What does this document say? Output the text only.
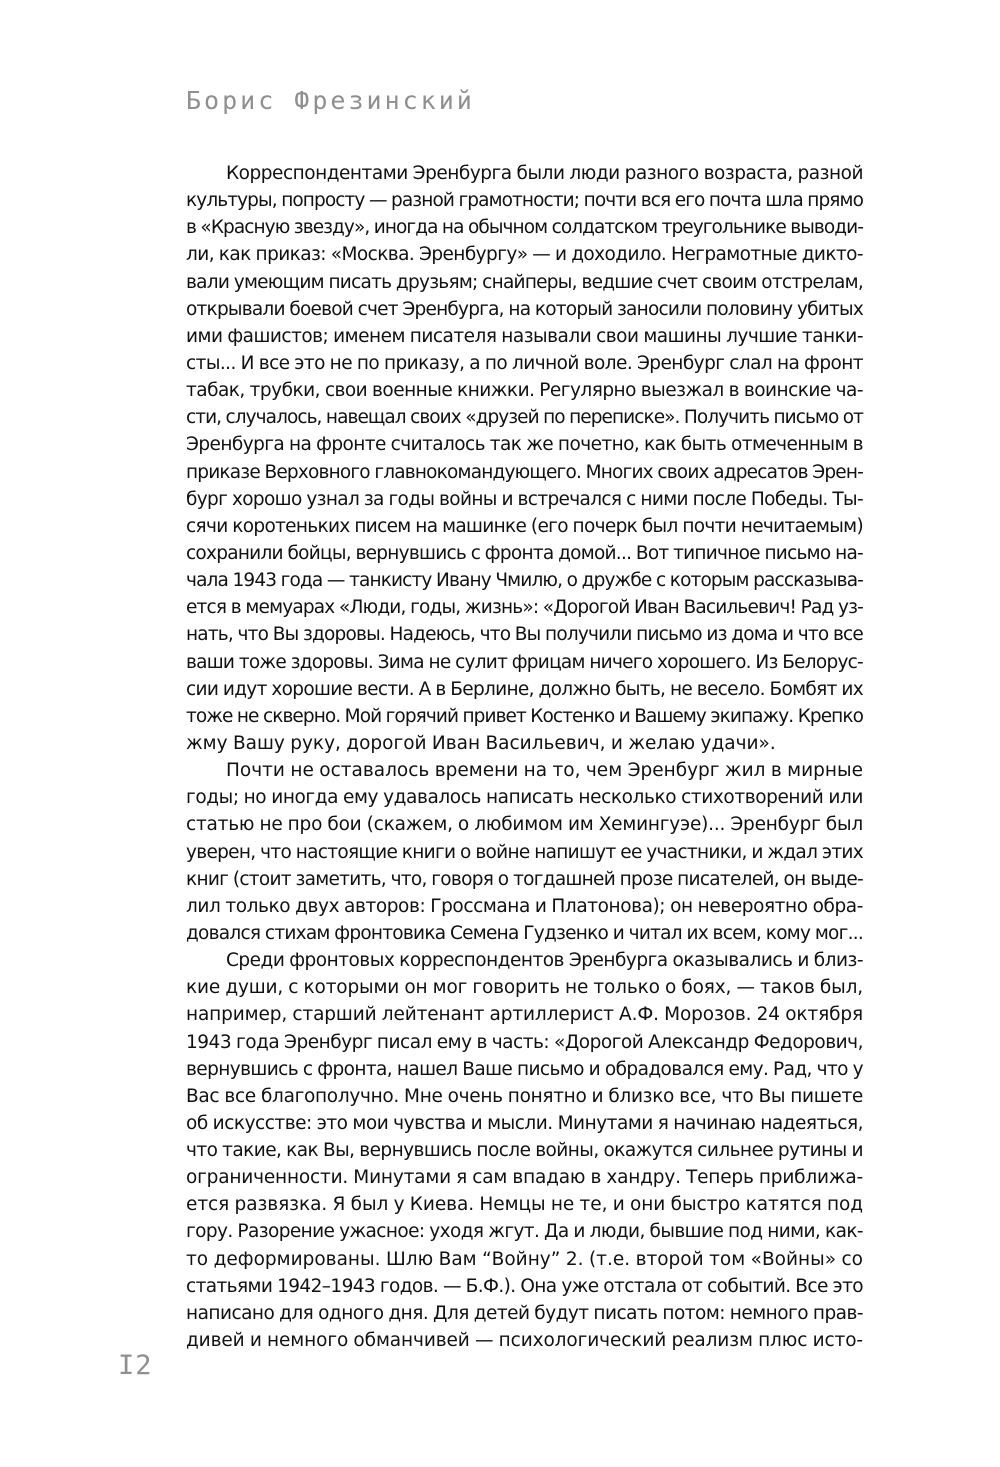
Борис Фрезинский

Корреспондентами Эренбурга были люди разного возраста, разной
культуры, попросту — разной грамотности; почти вся его почта шла прямо
в «Красную звезду», иногда на обычном солдатском треугольнике выводи-
ли, как приказ: «Москва. Эренбургу» — и доходило. Неграмотные дикто-
вали умеющим писать друзьям; снайперы, ведшие счет своим отстрелам,
открывали боевой счет Эренбурга, на который заносили половину убитых
ими фашистов; именем писателя называли свои машины лучшие танки-
сты... И все это не по приказу, а по личной воле. Эренбург слал на фронт
табак, трубки, свои военные книжки. Регулярно выезжал в воинские ча-
сти, случалось, навещал своих «друзей по переписке». Получить письмо от
Эренбурга на фронте считалось так же почетно, как быть отмеченным в
приказе Верховного главнокомандующего. Многих своих адресатов Эрен-
бург хорошо узнал за годы войны и встречался с ними после Победы. Ты-
сячи коротеньких писем на машинке (его почерк был почти нечитаемым)
сохранили бойцы, вернувшись с фронта домой... Вот типичное письмо на-
чала 1943 года — танкисту Ивану Чмилю, о дружбе с которым рассказыва-
ется в мемуарах «Люди, годы, жизнь»: «Дорогой Иван Васильевич! Рад уз-
нать, что Вы здоровы. Надеюсь, что Вы получили письмо из дома и что все
ваши тоже здоровы. Зима не сулит фрицам ничего хорошего. Из Белорус-
сии идут хорошие вести. А в Берлине, должно быть, не весело. Бомбят их
тоже не скверно. Мой горячий привет Костенко и Вашему экипажу. Крепко
жму Вашу руку, дорогой Иван Васильевич, и желаю удачи».

Почти не оставалось времени на то, чем Эренбург жил в мирные
годы; но иногда ему удавалось написать несколько стихотворений или
статью не про бои (скажем, о любимом им Хемингуэе)... Эренбург был
уверен, что настоящие книги о войне напишут ее участники, и ждал этих
книг (стоит заметить, что, говоря о тогдашней прозе писателей, он выде-
лил только двух авторов: Гроссмана и Платонова); он невероятно обра-
довался стихам фронтовика Семена Гудзенко и читал их всем, кому мог...

Среди фронтовых корреспондентов Эренбурга оказывались и близ-
кие души, с которыми он мог говорить не только о боях, — таков был,
например, старший лейтенант артиллерист А.Ф. Морозов. 24 октября
1943 года Эренбург писал ему в часть: «Дорогой Александр Федорович,
вернувшись с фронта, нашел Ваше письмо и обрадовался ему. Рад, что у
Вас все благополучно. Мне очень понятно и близко все, что Вы пишете
об искусстве: это мои чувства и мысли. Минутами я начинаю надеяться,
что такие, как Вы, вернувшись после войны, окажутся сильнее рутины и
ограниченности. Минутами я сам впадаю в хандру. Теперь приближа-
ется развязка. Я был у Киева. Немцы не те, и они быстро катятся под
гору. Разорение ужасное: уходя жгут. Да и люди, бывшие под ними, как-
то деформированы. Шлю Вам “Войну” 2. (т.е. второй том «Войны» со
статьями 1942–1943 годов. — Б.Ф.). Она уже отстала от событий. Все это
написано для одного дня. Для детей будут писать потом: немного прав-
дивей и немного обманчивей — психологический реализм плюс исто-

I2
